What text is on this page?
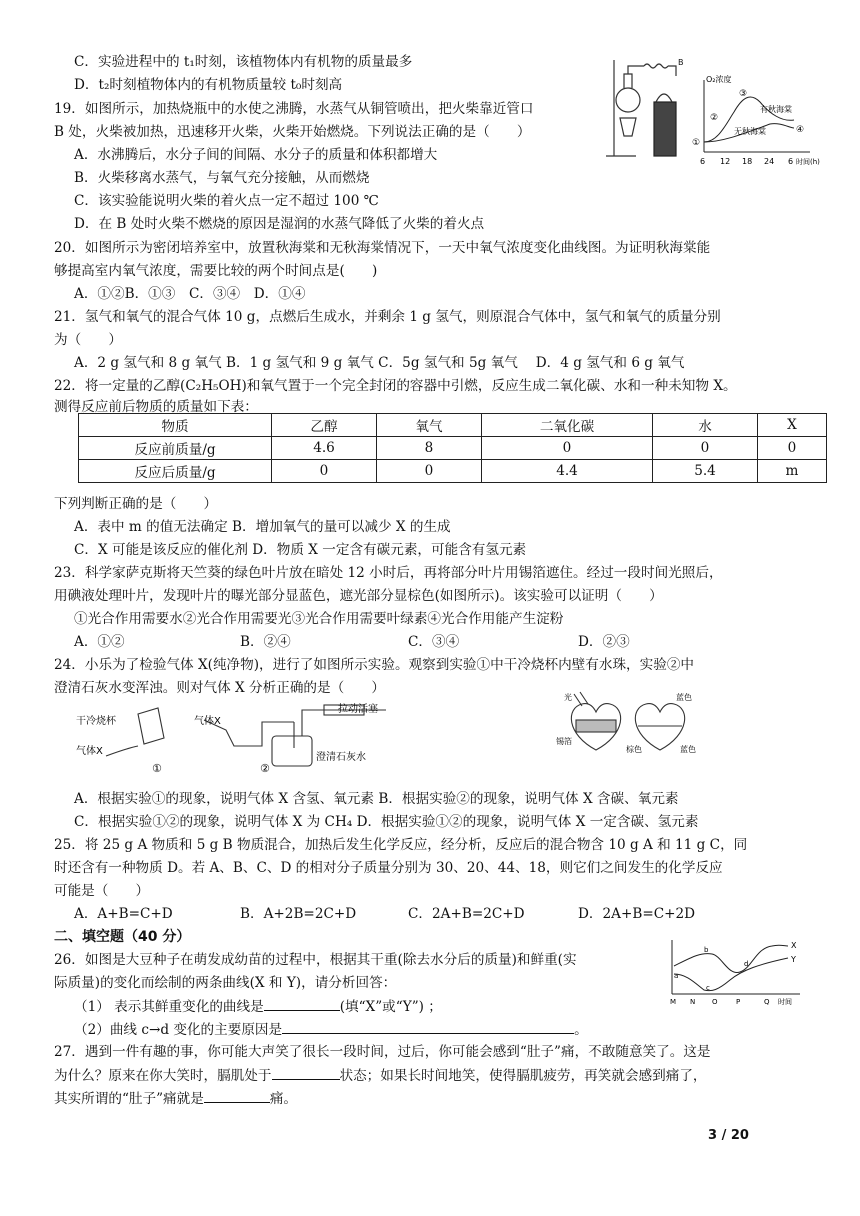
C．实验进程中的 t₁时刻，该植物体内有机物的质量最多
D．t₂时刻植物体内的有机物质量较 t₀时刻高
19．如图所示，加热烧瓶中的水使之沸腾，水蒸气从铜管喷出，把火柴靠近管口
B 处，火柴被加热，迅速移开火柴，火柴开始燃烧。下列说法正确的是（　　）
A．水沸腾后，水分子间的间隔、水分子的质量和体积都增大
B．火柴移离水蒸气，与氧气充分接触，从而燃烧
C．该实验能说明火柴的着火点一定不超过 100 ℃
D．在 B 处时火柴不燃烧的原因是湿润的水蒸气降低了火柴的着火点
20．如图所示为密闭培养室中，放置秋海棠和无秋海棠情况下，一天中氧气浓度变化曲线图。为证明秋海棠能
够提高室内氧气浓度，需要比较的两个时间点是(　　)
A．①②B．①③　C．③④　D．①④
21．氢气和氧气的混合气体 10 g，点燃后生成水，并剩余 1 g 氢气，则原混合气体中，氢气和氧气的质量分别
为（　　）
A．2 g 氢气和 8 g 氧气 B．1 g 氢气和 9 g 氧气 C．5g 氢气和 5g 氧气　 D．4 g 氢气和 6 g 氧气
22．将一定量的乙醇(C₂H₅OH)和氧气置于一个完全封闭的容器中引燃，反应生成二氧化碳、水和一种未知物 X。
测得反应前后物质的质量如下表：
物质	乙醇	氧气	二氧化碳	水	X
反应前质量/g	4.6	8	0	0	0
反应后质量/g	0	0	4.4	5.4	m
下列判断正确的是（　　）
A．表中 m 的值无法确定 B．增加氧气的量可以减少 X 的生成
C．X 可能是该反应的催化剂 D．物质 X 一定含有碳元素，可能含有氢元素
23．科学家萨克斯将天竺葵的绿色叶片放在暗处 12 小时后，再将部分叶片用锡箔遮住。经过一段时间光照后，
用碘液处理叶片，发现叶片的曝光部分显蓝色，遮光部分显棕色(如图所示)。该实验可以证明（　　）
①光合作用需要水②光合作用需要光③光合作用需要叶绿素④光合作用能产生淀粉
A．①②	B．②④	C．③④	D．②③
24．小乐为了检验气体 X(纯净物)，进行了如图所示实验。观察到实验①中干冷烧杯内壁有水珠，实验②中
澄清石灰水变浑浊。则对气体 X 分析正确的是（　　）
A．根据实验①的现象，说明气体 X 含氢、氧元素 B．根据实验②的现象，说明气体 X 含碳、氧元素
C．根据实验①②的现象，说明气体 X 为 CH₄ D．根据实验①②的现象，说明气体 X 一定含碳、氢元素
25．将 25 g A 物质和 5 g B 物质混合，加热后发生化学反应，经分析，反应后的混合物含 10 g A 和 11 g C，同
时还含有一种物质 D。若 A、B、C、D 的相对分子质量分别为 30、20、44、18，则它们之间发生的化学反应
可能是（　　）
A．A+B=C+D	B．A+2B=2C+D	C．2A+B=2C+D	D．2A+B=C+2D
二、填空题（40 分）
26．如图是大豆种子在萌发成幼苗的过程中，根据其干重(除去水分后的质量)和鲜重(实
际质量)的变化而绘制的两条曲线(X 和 Y)，请分析回答：
（1） 表示其鲜重变化的曲线是	(填“X”或“Y”) ；
（2）曲线 c→d 变化的主要原因是	。
27．遇到一件有趣的事，你可能大声笑了很长一段时间，过后，你可能会感到“肚子”痛，不敢随意笑了。这是
为什么？原来在你大笑时，膈肌处于	状态；如果长时间地笑，使得膈肌疲劳，再笑就会感到痛了，
其实所谓的“肚子”痛就是	痛。
3 / 20
B
O₂浓度
有秋海棠
无秋海棠
①
②
③
④
6 12 18 24 6 时间(h)
干冷烧杯
气体X
气体X
拉动活塞
澄清石灰水
①	②
光
锡箔
蓝色
棕色	蓝色
X
Y
b
a
c
d
M N O	P	Q 时间
